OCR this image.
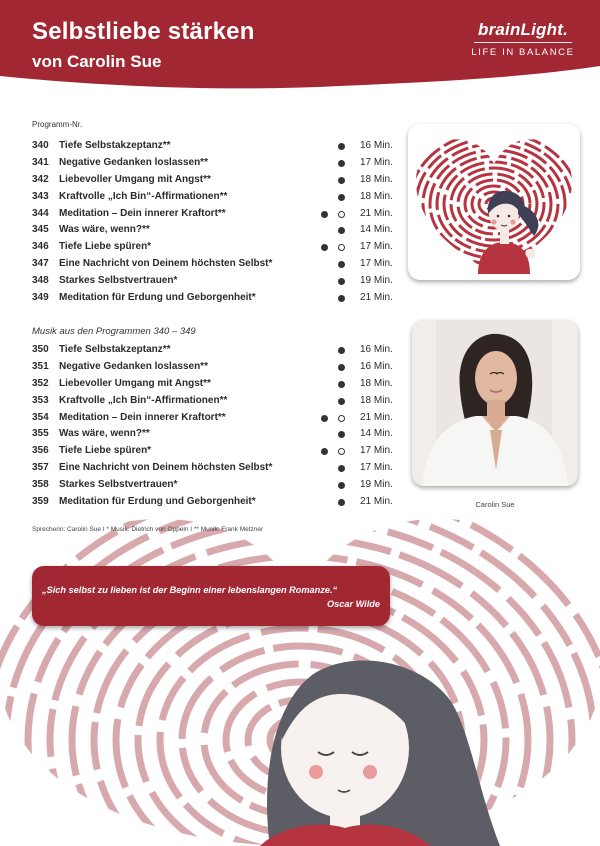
Selbstliebe stärken
von Carolin Sue
brainLight.
LIFE IN BALANCE
Programm-Nr.
340	Tiefe Selbstakzeptanz**	16 Min.
341	Negative Gedanken loslassen**	17 Min.
342	Liebevoller Umgang mit Angst**	18 Min.
343	Kraftvolle „Ich Bin“-Affirmationen**	18 Min.
344	Meditation – Dein innerer Kraftort**	21 Min.
345	Was wäre, wenn?**	14 Min.
346	Tiefe Liebe spüren*	17 Min.
347	Eine Nachricht von Deinem höchsten Selbst*	17 Min.
348	Starkes Selbstvertrauen*	19 Min.
349	Meditation für Erdung und Geborgenheit*	21 Min.
Musik aus den Programmen 340 – 349
350	Tiefe Selbstakzeptanz**	16 Min.
351	Negative Gedanken loslassen**	16 Min.
352	Liebevoller Umgang mit Angst**	18 Min.
353	Kraftvolle „Ich Bin“-Affirmationen**	18 Min.
354	Meditation – Dein innerer Kraftort**	21 Min.
355	Was wäre, wenn?**	14 Min.
356	Tiefe Liebe spüren*	17 Min.
357	Eine Nachricht von Deinem höchsten Selbst*	17 Min.
358	Starkes Selbstvertrauen*	19 Min.
359	Meditation für Erdung und Geborgenheit*	21 Min.
Sprecherin: Carolin Sue I * Musik: Dietrich von Oppeln I ** Musik: Frank Metzner
Carolin Sue
„Sich selbst zu lieben ist der Beginn einer lebenslangen Romanze.“
Oscar Wilde
